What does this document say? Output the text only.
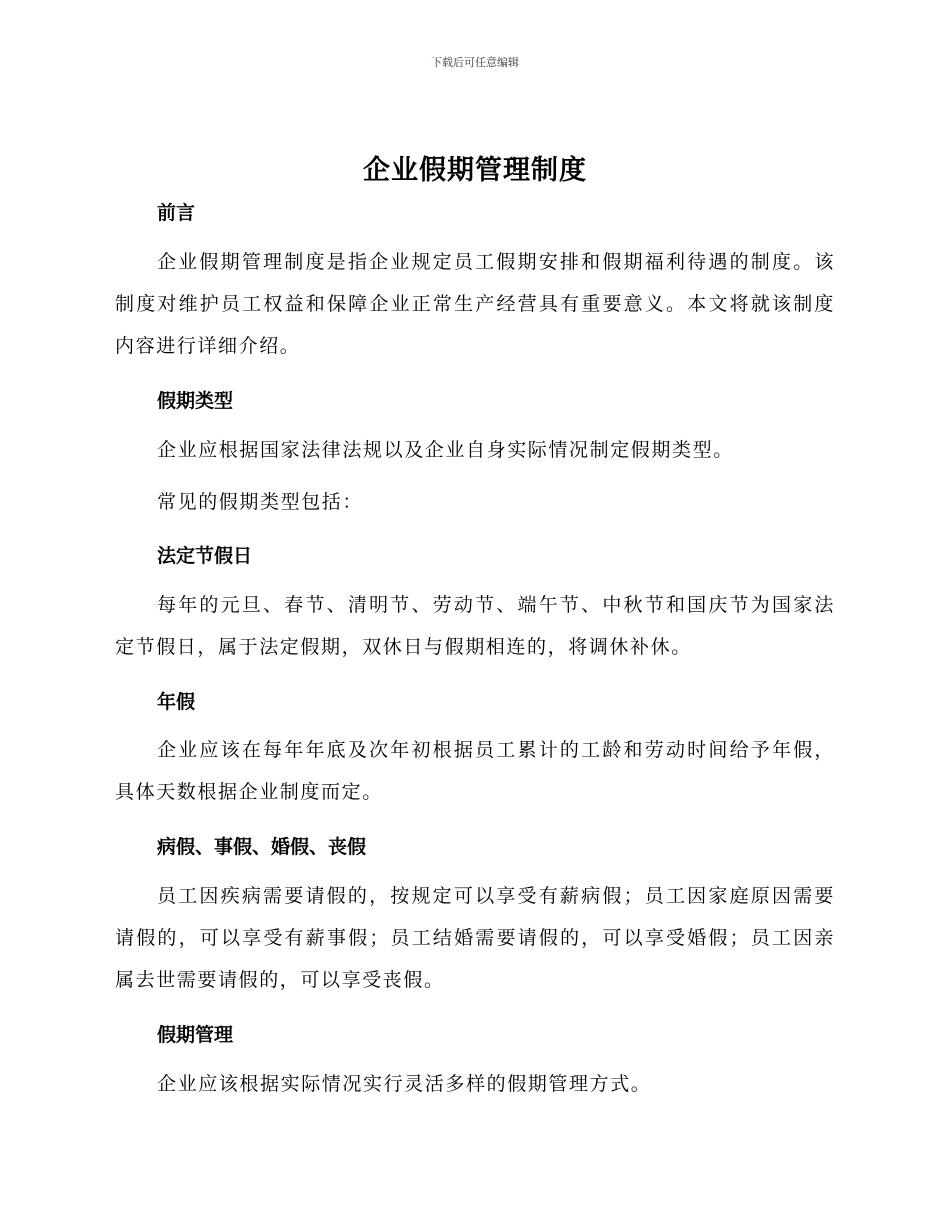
下载后可任意编辑
企业假期管理制度
前言
企业假期管理制度是指企业规定员工假期安排和假期福利待遇的制度。该制度对维护员工权益和保障企业正常生产经营具有重要意义。本文将就该制度内容进行详细介绍。
假期类型
企业应根据国家法律法规以及企业自身实际情况制定假期类型。
常见的假期类型包括：
法定节假日
每年的元旦、春节、清明节、劳动节、端午节、中秋节和国庆节为国家法定节假日，属于法定假期，双休日与假期相连的，将调休补休。
年假
企业应该在每年年底及次年初根据员工累计的工龄和劳动时间给予年假，具体天数根据企业制度而定。
病假、事假、婚假、丧假
员工因疾病需要请假的，按规定可以享受有薪病假；员工因家庭原因需要请假的，可以享受有薪事假；员工结婚需要请假的，可以享受婚假；员工因亲属去世需要请假的，可以享受丧假。
假期管理
企业应该根据实际情况实行灵活多样的假期管理方式。
